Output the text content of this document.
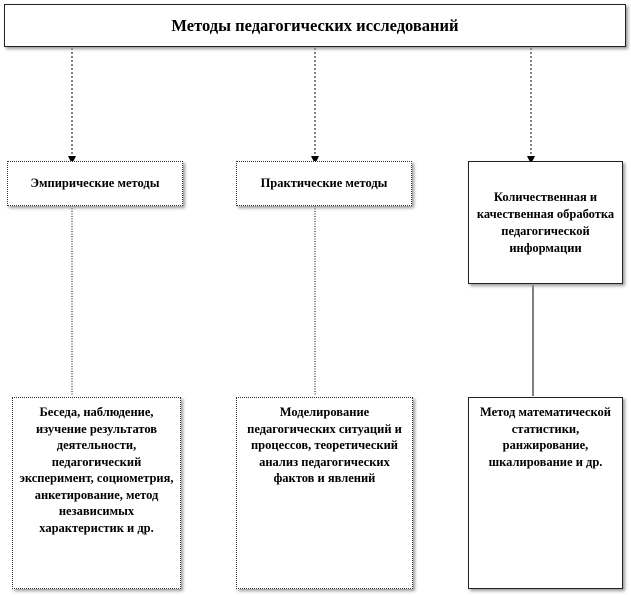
Методы педагогических исследований
Эмпирические методы	Практические методы
Количественная и качественная обработка педагогической информации
Беседа, наблюдение, изучение результатов деятельности, педагогический эксперимент, социометрия, анкетирование, метод независимых характеристик и др.
Моделирование педагогических ситуаций и процессов, теоретический анализ педагогических фактов и явлений
Метод математической статистики, ранжирование, шкалирование и др.
